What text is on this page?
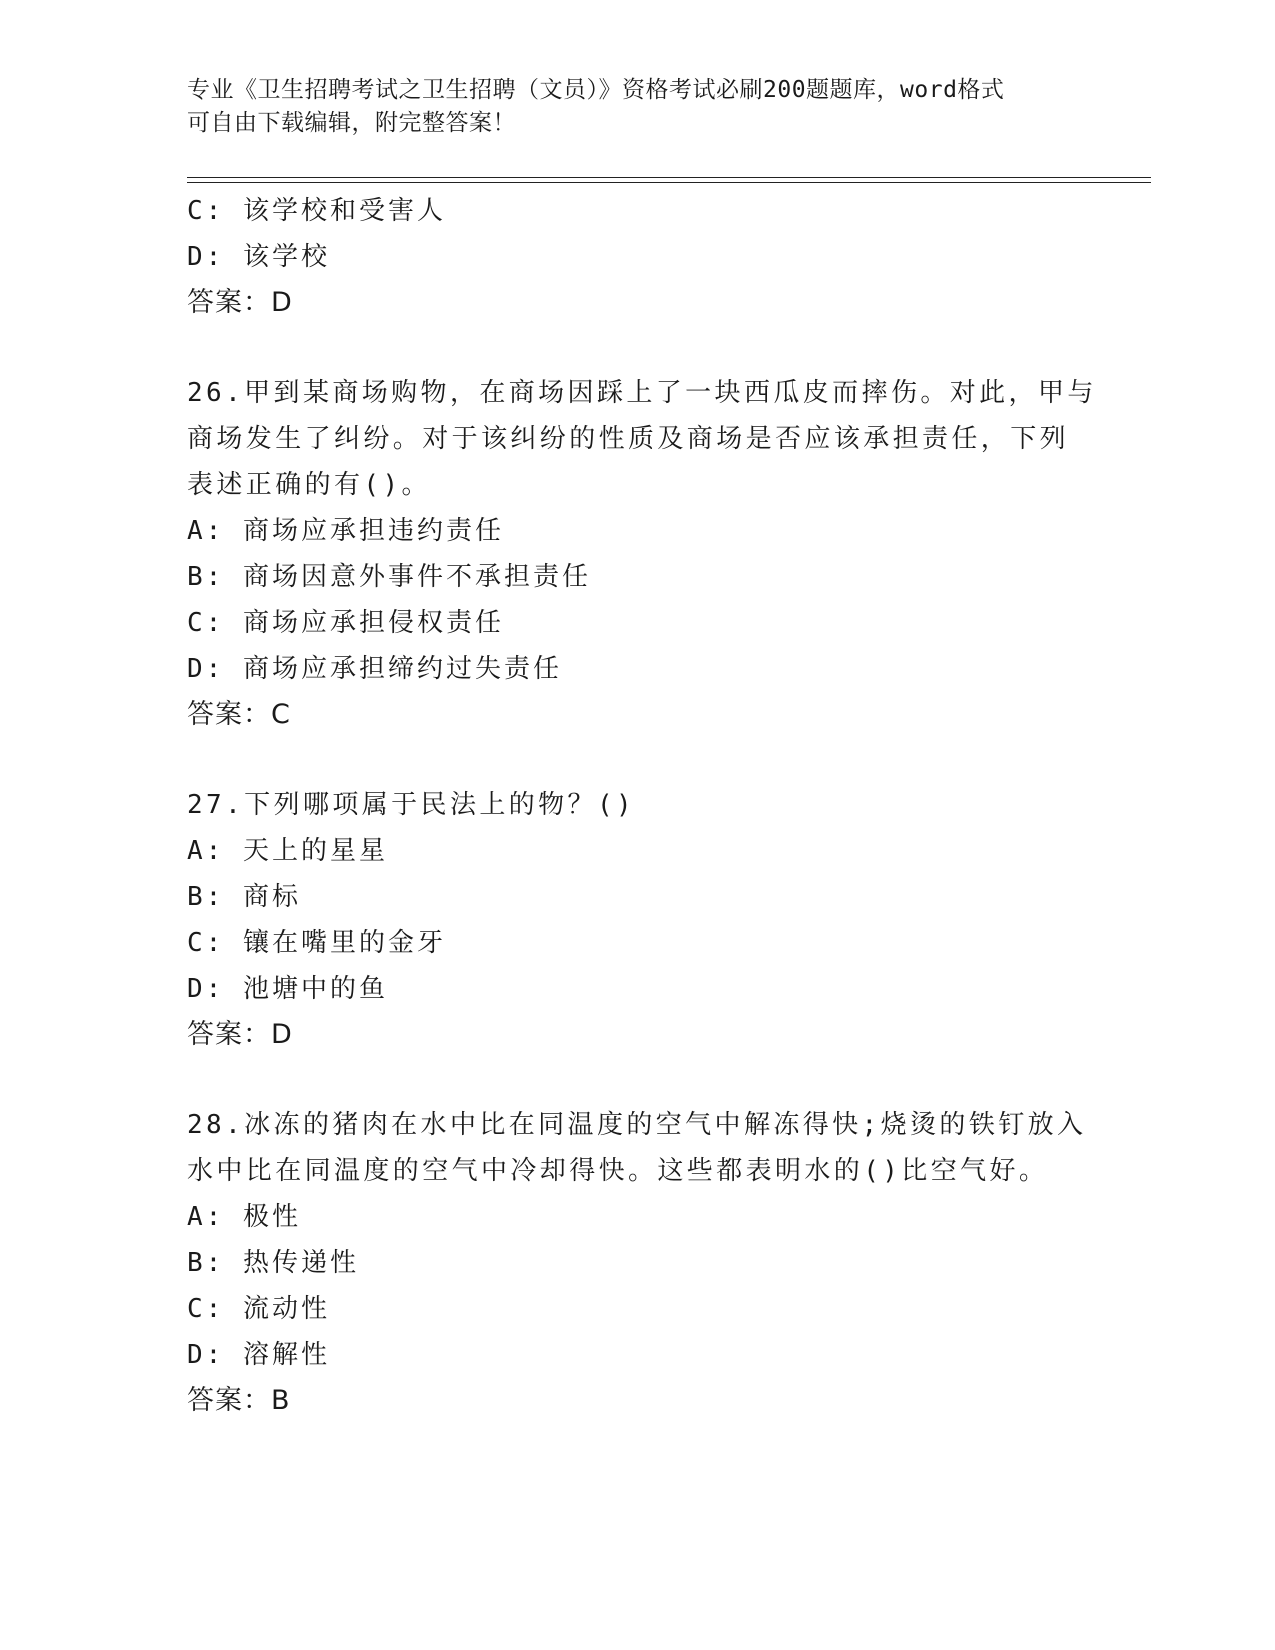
专业《卫生招聘考试之卫生招聘（文员）》资格考试必刷200题题库，word格式
可自由下载编辑，附完整答案！
C: 该学校和受害人
D: 该学校
答案：D
26.甲到某商场购物，在商场因踩上了一块西瓜皮而摔伤。对此，甲与
商场发生了纠纷。对于该纠纷的性质及商场是否应该承担责任，下列
表述正确的有()。
A: 商场应承担违约责任
B: 商场因意外事件不承担责任
C: 商场应承担侵权责任
D: 商场应承担缔约过失责任
答案：C
27.下列哪项属于民法上的物？()
A: 天上的星星
B: 商标
C: 镶在嘴里的金牙
D: 池塘中的鱼
答案：D
28.冰冻的猪肉在水中比在同温度的空气中解冻得快;烧烫的铁钉放入
水中比在同温度的空气中冷却得快。这些都表明水的()比空气好。
A: 极性
B: 热传递性
C: 流动性
D: 溶解性
答案：B
